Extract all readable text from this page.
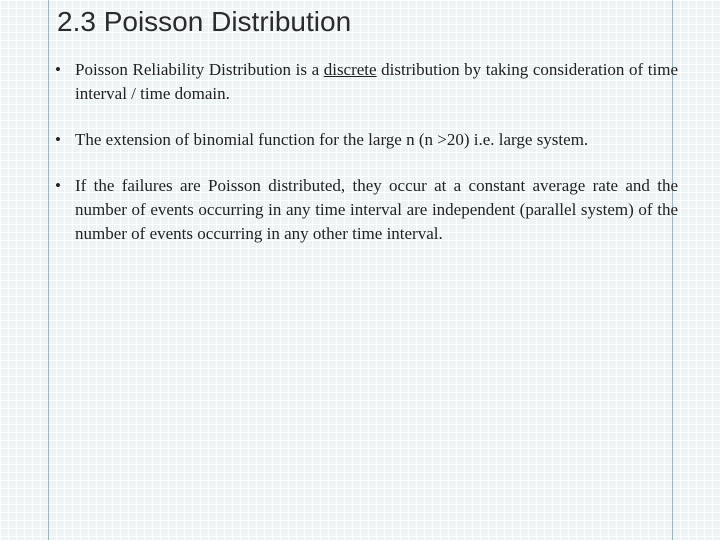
2.3 Poisson Distribution
• Poisson Reliability Distribution is a discrete distribution by taking consideration of time interval / time domain.
• The extension of binomial function for the large n (n >20) i.e. large system.
• If the failures are Poisson distributed, they occur at a constant average rate and the number of events occurring in any time interval are independent (parallel system) of the number of events occurring in any other time interval.
